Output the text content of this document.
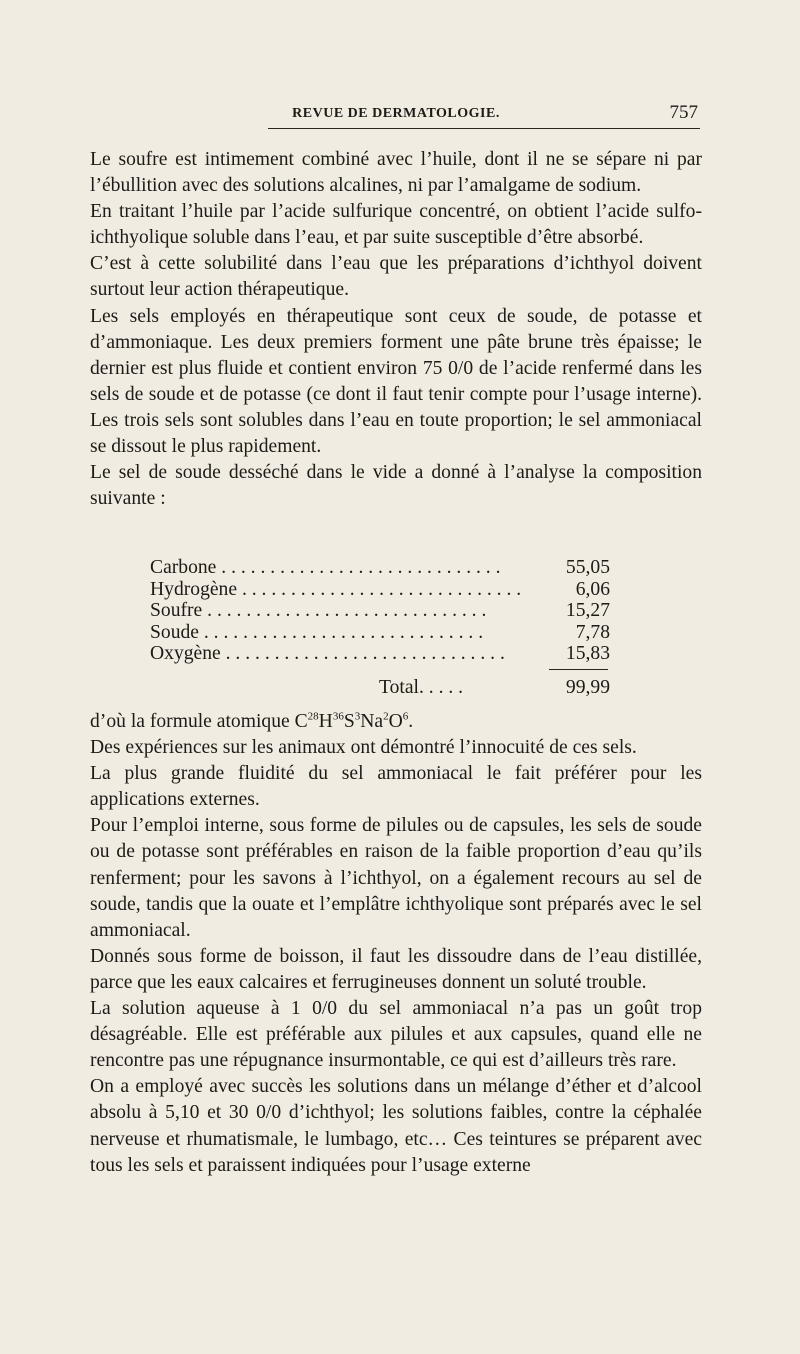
REVUE DE DERMATOLOGIE.	757

Le soufre est intimement combiné avec l’huile, dont il ne se sépare ni par l’ébullition avec des solutions alcalines, ni par l’amalgame de sodium.

En traitant l’huile par l’acide sulfurique concentré, on obtient l’acide sulfo-ichthyolique soluble dans l’eau, et par suite susceptible d’être absorbé.

C’est à cette solubilité dans l’eau que les préparations d’ichthyol doivent surtout leur action thérapeutique.

Les sels employés en thérapeutique sont ceux de soude, de potasse et d’ammoniaque. Les deux premiers forment une pâte brune très épaisse; le dernier est plus fluide et contient environ 75 0/0 de l’acide renfermé dans les sels de soude et de potasse (ce dont il faut tenir compte pour l’usage interne). Les trois sels sont solubles dans l’eau en toute proportion; le sel ammoniacal se dissout le plus rapidement.

Le sel de soude desséché dans le vide a donné à l’analyse la composition suivante :

Carbone . . .	55,05
Hydrogène . . .	6,06
Soufre . . .	15,27
Soude . . .	7,78
Oxygène . . .	15,83
Total. . . . .	99,99

d’où la formule atomique $C^{28}H^{36}S^3Na^2O^6$.

Des expériences sur les animaux ont démontré l’innocuité de ces sels.

La plus grande fluidité du sel ammoniacal le fait préférer pour les applications externes.

Pour l’emploi interne, sous forme de pilules ou de capsules, les sels de soude ou de potasse sont préférables en raison de la faible proportion d’eau qu’ils renferment; pour les savons à l’ichthyol, on a également recours au sel de soude, tandis que la ouate et l’emplâtre ichthyolique sont préparés avec le sel ammoniacal.

Donnés sous forme de boisson, il faut les dissoudre dans de l’eau distillée, parce que les eaux calcaires et ferrugineuses donnent un soluté trouble.

La solution aqueuse à 1 0/0 du sel ammoniacal n’a pas un goût trop désagréable. Elle est préférable aux pilules et aux capsules, quand elle ne rencontre pas une répugnance insurmontable, ce qui est d’ailleurs très rare.

On a employé avec succès les solutions dans un mélange d’éther et d’alcool absolu à 5,10 et 30 0/0 d’ichthyol; les solutions faibles, contre la céphalée nerveuse et rhumatismale, le lumbago, etc… Ces teintures se préparent avec tous les sels et paraissent indiquées pour l’usage externe
